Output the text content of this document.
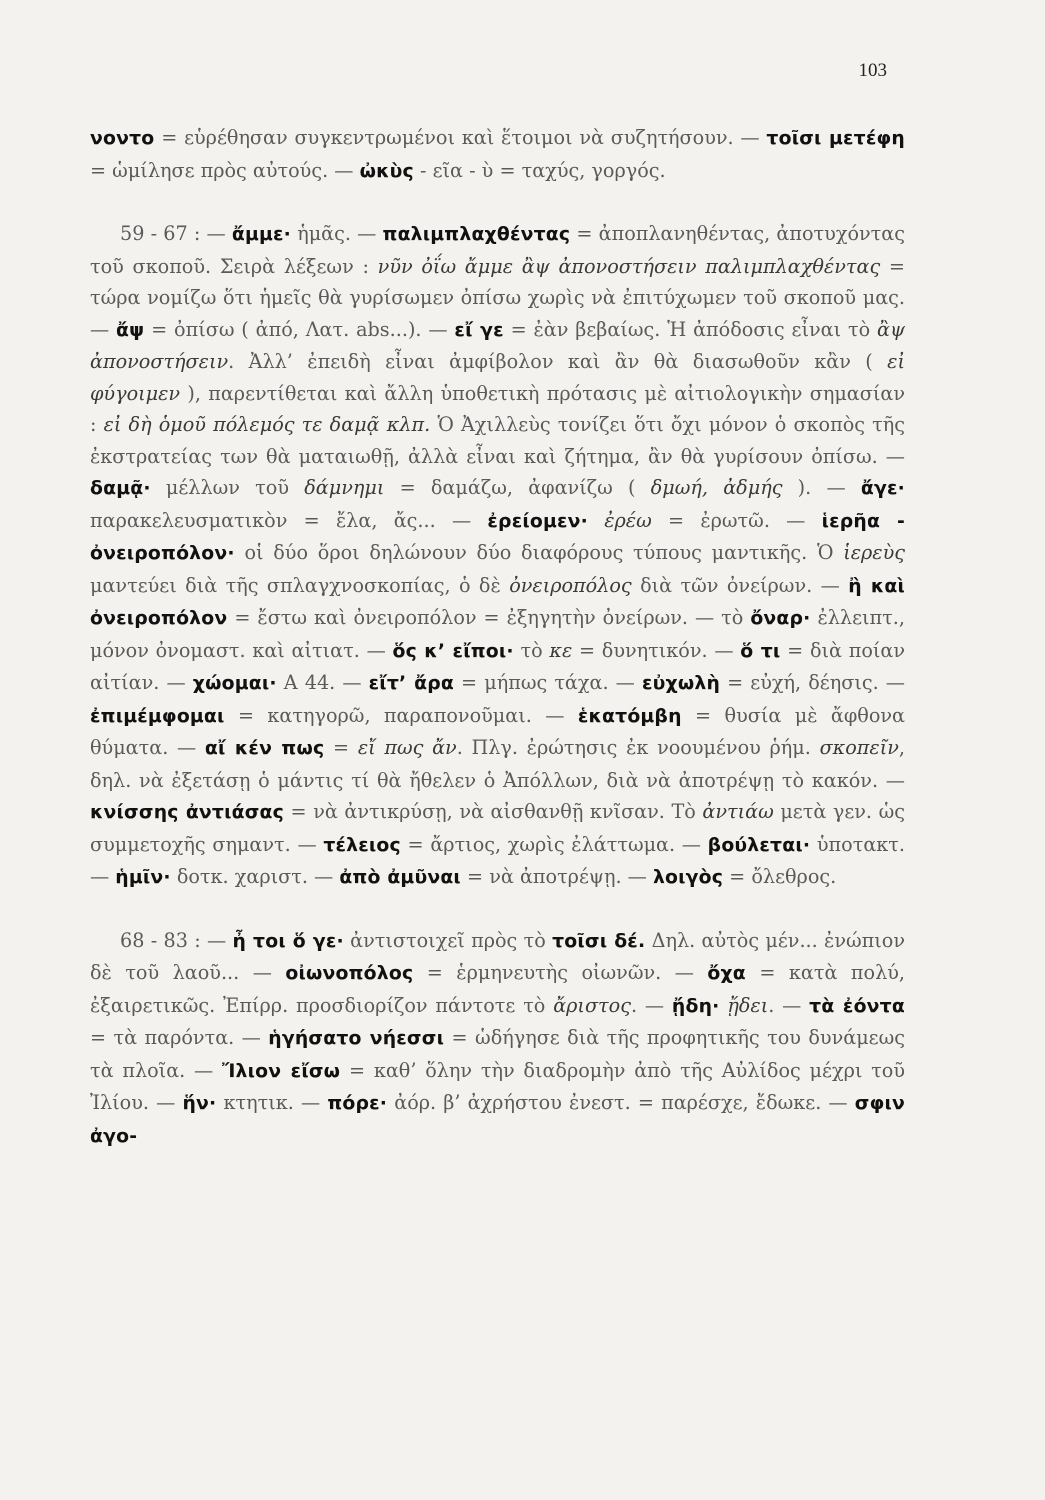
103

νοντο = εὑρέθησαν συγκεντρωμένοι καὶ ἕτοιμοι νὰ συζητήσουν. — τοῖσι μετέφη = ὡμίλησε πρὸς αὐτούς. — ὠκὺς - εῖα - ὺ = ταχύς, γοργός.

59 - 67 : — ἄμμε· ἡμᾶς. — παλιμπλαχθέντας = ἀποπλανηθέντας, ἀποτυχόντας τοῦ σκοποῦ. Σειρὰ λέξεων : νῦν ὀΐω ἄμμε ἂψ ἀπονοστήσειν παλιμπλαχθέντας = τώρα νομίζω ὅτι ἡμεῖς θὰ γυρίσωμεν ὀπίσω χωρὶς νὰ ἐπιτύχωμεν τοῦ σκοποῦ μας. — ἄψ = ὀπίσω ( ἀπό, Λατ. abs...). — εἴ γε = ἐὰν βεβαίως. Ἡ ἀπόδοσις εἶναι τὸ ἂψ ἀπονοστήσειν. Ἀλλ’ ἐπειδὴ εἶναι ἀμφίβολον καὶ ἂν θὰ διασωθοῦν κἂν ( εἰ φύγοιμεν ), παρεντίθεται καὶ ἄλλη ὑποθετικὴ πρότασις μὲ αἰτιολογικὴν σημασίαν : εἰ δὴ ὁμοῦ πόλεμός τε δαμᾷ κλπ. Ὁ Ἀχιλλεὺς τονίζει ὅτι ὄχι μόνον ὁ σκοπὸς τῆς ἐκστρατείας των θὰ ματαιωθῇ, ἀλλὰ εἶναι καὶ ζήτημα, ἂν θὰ γυρίσουν ὀπίσω. — δαμᾷ· μέλλων τοῦ δάμνημι = δαμάζω, ἀφανίζω ( δμωή, ἀδμής ). — ἄγε· παρακελευσματικὸν = ἔλα, ἄς... — ἐρείομεν· ἐρέω = ἐρωτῶ. — ἱερῆα - ὀνειροπόλον· οἱ δύο ὅροι δηλώνουν δύο διαφόρους τύπους μαντικῆς. Ὁ ἱερεὺς μαντεύει διὰ τῆς σπλαγχνοσκοπίας, ὁ δὲ ὀνειροπόλος διὰ τῶν ὀνείρων. — ἢ καὶ ὀνειροπόλον = ἔστω καὶ ὀνειροπόλον = ἐξηγητὴν ὀνείρων. — τὸ ὄναρ· ἐλλειπτ., μόνον ὀνομαστ. καὶ αἰτιατ. — ὅς κ’ εἴποι· τὸ κε = δυνητικόν. — ὅ τι = διὰ ποίαν αἰτίαν. — χώομαι· Α 44. — εἴτ’ ἄρα = μήπως τάχα. — εὐχωλὴ = εὐχή, δέησις. — ἐπιμέμφομαι = κατηγορῶ, παραπονοῦμαι. — ἑκατόμβη = θυσία μὲ ἄφθονα θύματα. — αἴ κέν πως = εἴ πως ἄν. Πλγ. ἐρώτησις ἐκ νοουμένου ῥήμ. σκοπεῖν, δηλ. νὰ ἐξετάσῃ ὁ μάντις τί θὰ ἤθελεν ὁ Ἀπόλλων, διὰ νὰ ἀποτρέψῃ τὸ κακόν. — κνίσσης ἀντιάσας = νὰ ἀντικρύσῃ, νὰ αἰσθανθῇ κνῖσαν. Τὸ ἀντιάω μετὰ γεν. ὡς συμμετοχῆς σημαντ. — τέλειος = ἄρτιος, χωρὶς ἐλάττωμα. — βούλεται· ὑποτακτ. — ἡμῖν· δοτκ. χαριστ. — ἀπὸ ἀμῦναι = νὰ ἀποτρέψῃ. — λοιγὸς = ὄλεθρος.

68 - 83 : — ἦ τοι ὅ γε· ἀντιστοιχεῖ πρὸς τὸ τοῖσι δέ. Δηλ. αὐτὸς μέν... ἐνώπιον δὲ τοῦ λαοῦ... — οἰωνοπόλος = ἑρμηνευτὴς οἰωνῶν. — ὄχα = κατὰ πολύ, ἐξαιρετικῶς. Ἐπίρρ. προσδιορίζον πάντοτε τὸ ἄριστος. — ᾔδη· ᾔδει. — τὰ ἐόντα = τὰ παρόντα. — ἡγήσατο νήεσσι = ὡδήγησε διὰ τῆς προφητικῆς του δυνάμεως τὰ πλοῖα. — Ἴλιον εἴσω = καθ’ ὅλην τὴν διαδρομὴν ἀπὸ τῆς Αὐλίδος μέχρι τοῦ Ἰλίου. — ἥν· κτητικ. — πόρε· ἀόρ. β’ ἀχρήστου ἐνεστ. = παρέσχε, ἔδωκε. — σφιν ἀγο-
